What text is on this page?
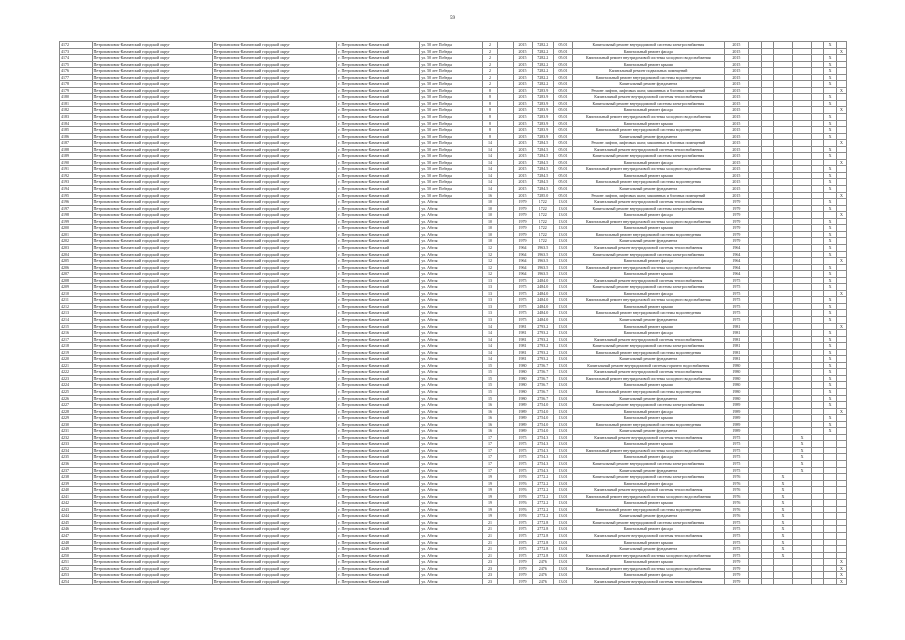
59
4172	Петропавловск-Камчатский городской округ	Петропавловск-Камчатский городской округ	г. Петропавловск-Камчатский	ул. 50 лет Победы	2		2015	7282.2	05.01	Капитальный ремонт внутридомовой системы электроснабжения	2015						X	
4173	Петропавловск-Камчатский городской округ	Петропавловск-Камчатский городской округ	г. Петропавловск-Камчатский	ул. 50 лет Победы	2		2015	7282.2	05.01	Капитальный ремонт фасада	2015							X
4174	Петропавловск-Камчатский городской округ	Петропавловск-Камчатский городской округ	г. Петропавловск-Камчатский	ул. 50 лет Победы	2		2015	7282.2	05.01	Капитальный ремонт внутридомовой системы холодного водоснабжения	2015						X	
4175	Петропавловск-Камчатский городской округ	Петропавловск-Камчатский городской округ	г. Петропавловск-Камчатский	ул. 50 лет Победы	2		2015	7282.2	05.01	Капитальный ремонт крыши	2015						X	
4176	Петропавловск-Камчатский городской округ	Петропавловск-Камчатский городской округ	г. Петропавловск-Камчатский	ул. 50 лет Победы	2		2015	7282.2	05.01	Капитальный ремонт подвальных помещений	2015						X	
4177	Петропавловск-Камчатский городской округ	Петропавловск-Камчатский городской округ	г. Петропавловск-Камчатский	ул. 50 лет Победы	2		2015	7282.2	05.01	Капитальный ремонт внутридомовой системы водоотведения	2015						X	
4178	Петропавловск-Камчатский городской округ	Петропавловск-Камчатский городской округ	г. Петропавловск-Камчатский	ул. 50 лет Победы	2		2015	7282.2	05.01	Капитальный ремонт фундамента	2015						X	
4179	Петропавловск-Камчатский городской округ	Петропавловск-Камчатский городской округ	г. Петропавловск-Камчатский	ул. 50 лет Победы	8		2015	7283.9	05.01	Ремонт лифтов, лифтовых шахт, машинных и блочных помещений	2015							X
4180	Петропавловск-Камчатский городской округ	Петропавловск-Камчатский городской округ	г. Петропавловск-Камчатский	ул. 50 лет Победы	8		2015	7283.9	05.01	Капитальный ремонт внутридомовой системы теплоснабжения	2015						X	
4181	Петропавловск-Камчатский городской округ	Петропавловск-Камчатский городской округ	г. Петропавловск-Камчатский	ул. 50 лет Победы	8		2015	7283.9	05.01	Капитальный ремонт внутридомовой системы электроснабжения	2015						X	
4182	Петропавловск-Камчатский городской округ	Петропавловск-Камчатский городской округ	г. Петропавловск-Камчатский	ул. 50 лет Победы	8		2015	7283.9	05.01	Капитальный ремонт фасада	2015							X
4183	Петропавловск-Камчатский городской округ	Петропавловск-Камчатский городской округ	г. Петропавловск-Камчатский	ул. 50 лет Победы	8		2015	7283.9	05.01	Капитальный ремонт внутридомовой системы холодного водоснабжения	2015						X	
4184	Петропавловск-Камчатский городской округ	Петропавловск-Камчатский городской округ	г. Петропавловск-Камчатский	ул. 50 лет Победы	8		2015	7283.9	05.01	Капитальный ремонт крыши	2015						X	
4185	Петропавловск-Камчатский городской округ	Петропавловск-Камчатский городской округ	г. Петропавловск-Камчатский	ул. 50 лет Победы	8		2015	7283.9	05.01	Капитальный ремонт внутридомовой системы водоотведения	2015						X	
4186	Петропавловск-Камчатский городской округ	Петропавловск-Камчатский городской округ	г. Петропавловск-Камчатский	ул. 50 лет Победы	8		2015	7283.9	05.01	Капитальный ремонт фундамента	2015						X	
4187	Петропавловск-Камчатский городской округ	Петропавловск-Камчатский городской округ	г. Петропавловск-Камчатский	ул. 50 лет Победы	14		2015	7284.5	05.01	Ремонт лифтов, лифтовых шахт, машинных и блочных помещений	2015							X
4188	Петропавловск-Камчатский городской округ	Петропавловск-Камчатский городской округ	г. Петропавловск-Камчатский	ул. 50 лет Победы	14		2015	7284.5	05.01	Капитальный ремонт внутридомовой системы теплоснабжения	2015						X	
4189	Петропавловск-Камчатский городской округ	Петропавловск-Камчатский городской округ	г. Петропавловск-Камчатский	ул. 50 лет Победы	14		2015	7284.5	05.01	Капитальный ремонт внутридомовой системы электроснабжения	2015						X	
4190	Петропавловск-Камчатский городской округ	Петропавловск-Камчатский городской округ	г. Петропавловск-Камчатский	ул. 50 лет Победы	14		2015	7284.5	05.01	Капитальный ремонт фасада	2015							X
4191	Петропавловск-Камчатский городской округ	Петропавловск-Камчатский городской округ	г. Петропавловск-Камчатский	ул. 50 лет Победы	14		2015	7284.5	05.01	Капитальный ремонт внутридомовой системы холодного водоснабжения	2015						X	
4192	Петропавловск-Камчатский городской округ	Петропавловск-Камчатский городской округ	г. Петропавловск-Камчатский	ул. 50 лет Победы	14		2015	7284.5	05.01	Капитальный ремонт крыши	2015						X	
4193	Петропавловск-Камчатский городской округ	Петропавловск-Камчатский городской округ	г. Петропавловск-Камчатский	ул. 50 лет Победы	14		2015	7284.5	05.01	Капитальный ремонт внутридомовой системы водоотведения	2015						X	
4194	Петропавловск-Камчатский городской округ	Петропавловск-Камчатский городской округ	г. Петропавловск-Камчатский	ул. 50 лет Победы	14		2015	7284.5	05.01	Капитальный ремонт фундамента	2015						X	
4195	Петропавловск-Камчатский городской округ	Петропавловск-Камчатский городской округ	г. Петропавловск-Камчатский	ул. 50 лет Победы	16		2015	7285.0	05.01	Ремонт лифтов, лифтовых шахт, машинных и блочных помещений	2015							X
4196	Петропавловск-Камчатский городской округ	Петропавловск-Камчатский городской округ	г. Петропавловск-Камчатский	ул. Абеля	10		1979	1722	13.01	Капитальный ремонт внутридомовой системы теплоснабжения	1979						X	
4197	Петропавловск-Камчатский городской округ	Петропавловск-Камчатский городской округ	г. Петропавловск-Камчатский	ул. Абеля	10		1979	1722	13.01	Капитальный ремонт внутридомовой системы электроснабжения	1979						X	
4198	Петропавловск-Камчатский городской округ	Петропавловск-Камчатский городской округ	г. Петропавловск-Камчатский	ул. Абеля	10		1979	1722	13.01	Капитальный ремонт фасада	1979							X
4199	Петропавловск-Камчатский городской округ	Петропавловск-Камчатский городской округ	г. Петропавловск-Камчатский	ул. Абеля	10		1979	1722	13.01	Капитальный ремонт внутридомовой системы холодного водоснабжения	1979						X	
4200	Петропавловск-Камчатский городской округ	Петропавловск-Камчатский городской округ	г. Петропавловск-Камчатский	ул. Абеля	10		1979	1722	13.01	Капитальный ремонт крыши	1979						X	
4201	Петропавловск-Камчатский городской округ	Петропавловск-Камчатский городской округ	г. Петропавловск-Камчатский	ул. Абеля	10		1979	1722	13.01	Капитальный ремонт внутридомовой системы водоотведения	1979						X	
4202	Петропавловск-Камчатский городской округ	Петропавловск-Камчатский городской округ	г. Петропавловск-Камчатский	ул. Абеля	10		1979	1722	13.01	Капитальный ремонт фундамента	1979						X	
4203	Петропавловск-Камчатский городской округ	Петропавловск-Камчатский городской округ	г. Петропавловск-Камчатский	ул. Абеля	12		1964	1963.5	13.01	Капитальный ремонт внутридомовой системы теплоснабжения	1964						X	
4204	Петропавловск-Камчатский городской округ	Петропавловск-Камчатский городской округ	г. Петропавловск-Камчатский	ул. Абеля	12		1964	1963.5	13.01	Капитальный ремонт внутридомовой системы электроснабжения	1964						X	
4205	Петропавловск-Камчатский городской округ	Петропавловск-Камчатский городской округ	г. Петропавловск-Камчатский	ул. Абеля	12		1964	1963.5	13.01	Капитальный ремонт фасада	1964							X
4206	Петропавловск-Камчатский городской округ	Петропавловск-Камчатский городской округ	г. Петропавловск-Камчатский	ул. Абеля	12		1964	1963.5	13.01	Капитальный ремонт внутридомовой системы холодного водоснабжения	1964						X	
4207	Петропавловск-Камчатский городской округ	Петропавловск-Камчатский городской округ	г. Петропавловск-Камчатский	ул. Абеля	12		1964	1963.5	13.01	Капитальный ремонт крыши	1964						X	
4208	Петропавловск-Камчатский городской округ	Петропавловск-Камчатский городской округ	г. Петропавловск-Камчатский	ул. Абеля	13		1975	2484.0	13.01	Капитальный ремонт внутридомовой системы теплоснабжения	1975						X	
4209	Петропавловск-Камчатский городской округ	Петропавловск-Камчатский городской округ	г. Петропавловск-Камчатский	ул. Абеля	13		1975	2484.0	13.01	Капитальный ремонт внутридомовой системы электроснабжения	1975						X	
4210	Петропавловск-Камчатский городской округ	Петропавловск-Камчатский городской округ	г. Петропавловск-Камчатский	ул. Абеля	13		1975	2484.0	13.01	Капитальный ремонт фасада	1975							X
4211	Петропавловск-Камчатский городской округ	Петропавловск-Камчатский городской округ	г. Петропавловск-Камчатский	ул. Абеля	13		1975	2484.0	13.01	Капитальный ремонт внутридомовой системы холодного водоснабжения	1975						X	
4212	Петропавловск-Камчатский городской округ	Петропавловск-Камчатский городской округ	г. Петропавловск-Камчатский	ул. Абеля	13		1975	2484.0	13.01	Капитальный ремонт крыши	1975						X	
4213	Петропавловск-Камчатский городской округ	Петропавловск-Камчатский городской округ	г. Петропавловск-Камчатский	ул. Абеля	13		1975	2484.0	13.01	Капитальный ремонт внутридомовой системы водоотведения	1975						X	
4214	Петропавловск-Камчатский городской округ	Петропавловск-Камчатский городской округ	г. Петропавловск-Камчатский	ул. Абеля	13		1975	2484.0	13.01	Капитальный ремонт фундамента	1975						X	
4215	Петропавловск-Камчатский городской округ	Петропавловск-Камчатский городской округ	г. Петропавловск-Камчатский	ул. Абеля	14		1981	2793.2	13.01	Капитальный ремонт крыши	1981							X
4216	Петропавловск-Камчатский городской округ	Петропавловск-Камчатский городской округ	г. Петропавловск-Камчатский	ул. Абеля	14		1981	2793.2	13.01	Капитальный ремонт фасада	1981						X	
4217	Петропавловск-Камчатский городской округ	Петропавловск-Камчатский городской округ	г. Петропавловск-Камчатский	ул. Абеля	14		1981	2793.2	13.01	Капитальный ремонт внутридомовой системы теплоснабжения	1981						X	
4218	Петропавловск-Камчатский городской округ	Петропавловск-Камчатский городской округ	г. Петропавловск-Камчатский	ул. Абеля	14		1981	2793.2	13.01	Капитальный ремонт внутридомовой системы электроснабжения	1981						X	
4219	Петропавловск-Камчатский городской округ	Петропавловск-Камчатский городской округ	г. Петропавловск-Камчатский	ул. Абеля	14		1981	2793.2	13.01	Капитальный ремонт внутридомовой системы водоотведения	1981						X	
4220	Петропавловск-Камчатский городской округ	Петропавловск-Камчатский городской округ	г. Петропавловск-Камчатский	ул. Абеля	14		1981	2793.2	13.01	Капитальный ремонт фундамента	1981						X	
4221	Петропавловск-Камчатский городской округ	Петропавловск-Камчатский городской округ	г. Петропавловск-Камчатский	ул. Абеля	15		1980	2756.7	13.01	Капитальный ремонт внутридомовой системы горячего водоснабжения	1980						X	
4222	Петропавловск-Камчатский городской округ	Петропавловск-Камчатский городской округ	г. Петропавловск-Камчатский	ул. Абеля	15		1980	2756.7	13.01	Капитальный ремонт внутридомовой системы теплоснабжения	1980						X	
4223	Петропавловск-Камчатский городской округ	Петропавловск-Камчатский городской округ	г. Петропавловск-Камчатский	ул. Абеля	15		1980	2756.7	13.01	Капитальный ремонт внутридомовой системы холодного водоснабжения	1980						X	
4224	Петропавловск-Камчатский городской округ	Петропавловск-Камчатский городской округ	г. Петропавловск-Камчатский	ул. Абеля	15		1980	2756.7	13.01	Капитальный ремонт крыши	1980						X	
4225	Петропавловск-Камчатский городской округ	Петропавловск-Камчатский городской округ	г. Петропавловск-Камчатский	ул. Абеля	15		1980	2756.7	13.01	Капитальный ремонт внутридомовой системы водоотведения	1980						X	
4226	Петропавловск-Камчатский городской округ	Петропавловск-Камчатский городской округ	г. Петропавловск-Камчатский	ул. Абеля	15		1980	2756.7	13.01	Капитальный ремонт фундамента	1980						X	
4227	Петропавловск-Камчатский городской округ	Петропавловск-Камчатский городской округ	г. Петропавловск-Камчатский	ул. Абеля	16		1989	2754.0	13.01	Капитальный ремонт внутридомовой системы электроснабжения	1989						X	
4228	Петропавловск-Камчатский городской округ	Петропавловск-Камчатский городской округ	г. Петропавловск-Камчатский	ул. Абеля	16		1989	2754.0	13.01	Капитальный ремонт фасада	1989							X
4229	Петропавловск-Камчатский городской округ	Петропавловск-Камчатский городской округ	г. Петропавловск-Камчатский	ул. Абеля	16		1989	2754.0	13.01	Капитальный ремонт крыши	1989						X	
4230	Петропавловск-Камчатский городской округ	Петропавловск-Камчатский городской округ	г. Петропавловск-Камчатский	ул. Абеля	16		1989	2754.0	13.01	Капитальный ремонт внутридомовой системы водоотведения	1989						X	
4231	Петропавловск-Камчатский городской округ	Петропавловск-Камчатский городской округ	г. Петропавловск-Камчатский	ул. Абеля	16		1989	2754.0	13.01	Капитальный ремонт фундамента	1989						X	
4232	Петропавловск-Камчатский городской округ	Петропавловск-Камчатский городской округ	г. Петропавловск-Камчатский	ул. Абеля	17		1975	2754.3	13.01	Капитальный ремонт внутридомовой системы теплоснабжения	1975				X			
4233	Петропавловск-Камчатский городской округ	Петропавловск-Камчатский городской округ	г. Петропавловск-Камчатский	ул. Абеля	17		1975	2754.3	13.01	Капитальный ремонт крыши	1975				X			
4234	Петропавловск-Камчатский городской округ	Петропавловск-Камчатский городской округ	г. Петропавловск-Камчатский	ул. Абеля	17		1975	2754.3	13.01	Капитальный ремонт внутридомовой системы холодного водоснабжения	1975				X			
4235	Петропавловск-Камчатский городской округ	Петропавловск-Камчатский городской округ	г. Петропавловск-Камчатский	ул. Абеля	17		1975	2754.3	13.01	Капитальный ремонт фасада	1975				X			
4236	Петропавловск-Камчатский городской округ	Петропавловск-Камчатский городской округ	г. Петропавловск-Камчатский	ул. Абеля	17		1975	2754.3	13.01	Капитальный ремонт внутридомовой системы электроснабжения	1975				X			
4237	Петропавловск-Камчатский городской округ	Петропавловск-Камчатский городской округ	г. Петропавловск-Камчатский	ул. Абеля	17		1975	2754.3	13.01	Капитальный ремонт фундамента	1975				X			
4238	Петропавловск-Камчатский городской округ	Петропавловск-Камчатский городской округ	г. Петропавловск-Камчатский	ул. Абеля	19		1976	2772.2	13.01	Капитальный ремонт внутридомовой системы электроснабжения	1976			X				
4239	Петропавловск-Камчатский городской округ	Петропавловск-Камчатский городской округ	г. Петропавловск-Камчатский	ул. Абеля	19		1976	2772.2	13.01	Капитальный ремонт фасада	1976			X				
4240	Петропавловск-Камчатский городской округ	Петропавловск-Камчатский городской округ	г. Петропавловск-Камчатский	ул. Абеля	19		1976	2772.2	13.01	Капитальный ремонт внутридомовой системы теплоснабжения	1976			X				
4241	Петропавловск-Камчатский городской округ	Петропавловск-Камчатский городской округ	г. Петропавловск-Камчатский	ул. Абеля	19		1976	2772.2	13.01	Капитальный ремонт внутридомовой системы холодного водоснабжения	1976			X				
4242	Петропавловск-Камчатский городской округ	Петропавловск-Камчатский городской округ	г. Петропавловск-Камчатский	ул. Абеля	19		1976	2772.2	13.01	Капитальный ремонт крыши	1976			X				
4243	Петропавловск-Камчатский городской округ	Петропавловск-Камчатский городской округ	г. Петропавловск-Камчатский	ул. Абеля	19		1976	2772.2	13.01	Капитальный ремонт внутридомовой системы водоотведения	1976			X				
4244	Петропавловск-Камчатский городской округ	Петропавловск-Камчатский городской округ	г. Петропавловск-Камчатский	ул. Абеля	19		1976	2772.2	13.01	Капитальный ремонт фундамента	1976			X				
4245	Петропавловск-Камчатский городской округ	Петропавловск-Камчатский городской округ	г. Петропавловск-Камчатский	ул. Абеля	21		1975	2772.8	13.01	Капитальный ремонт внутридомовой системы электроснабжения	1975			X				
4246	Петропавловск-Камчатский городской округ	Петропавловск-Камчатский городской округ	г. Петропавловск-Камчатский	ул. Абеля	21		1975	2772.8	13.01	Капитальный ремонт фасада	1975			X				
4247	Петропавловск-Камчатский городской округ	Петропавловск-Камчатский городской округ	г. Петропавловск-Камчатский	ул. Абеля	21		1975	2772.8	13.01	Капитальный ремонт внутридомовой системы теплоснабжения	1975			X				
4248	Петропавловск-Камчатский городской округ	Петропавловск-Камчатский городской округ	г. Петропавловск-Камчатский	ул. Абеля	21		1975	2772.8	13.01	Капитальный ремонт крыши	1975			X				
4249	Петропавловск-Камчатский городской округ	Петропавловск-Камчатский городской округ	г. Петропавловск-Камчатский	ул. Абеля	21		1975	2772.8	13.01	Капитальный ремонт фундамента	1975			X				
4250	Петропавловск-Камчатский городской округ	Петропавловск-Камчатский городской округ	г. Петропавловск-Камчатский	ул. Абеля	21		1975	2772.8	13.01	Капитальный ремонт внутридомовой системы холодного водоснабжения	1975			X				
4251	Петропавловск-Камчатский городской округ	Петропавловск-Камчатский городской округ	г. Петропавловск-Камчатский	ул. Абеля	23		1979	2476	13.01	Капитальный ремонт крыши	1979							X
4252	Петропавловск-Камчатский городской округ	Петропавловск-Камчатский городской округ	г. Петропавловск-Камчатский	ул. Абеля	23		1979	2476	13.01	Капитальный ремонт внутридомовой системы холодного водоснабжения	1979							X
4253	Петропавловск-Камчатский городской округ	Петропавловск-Камчатский городской округ	г. Петропавловск-Камчатский	ул. Абеля	23		1979	2476	13.01	Капитальный ремонт фасада	1979							X
4254	Петропавловск-Камчатский городской округ	Петропавловск-Камчатский городской округ	г. Петропавловск-Камчатский	ул. Абеля	23		1979	2476	13.01	Капитальный ремонт внутридомовой системы теплоснабжения	1979							X
